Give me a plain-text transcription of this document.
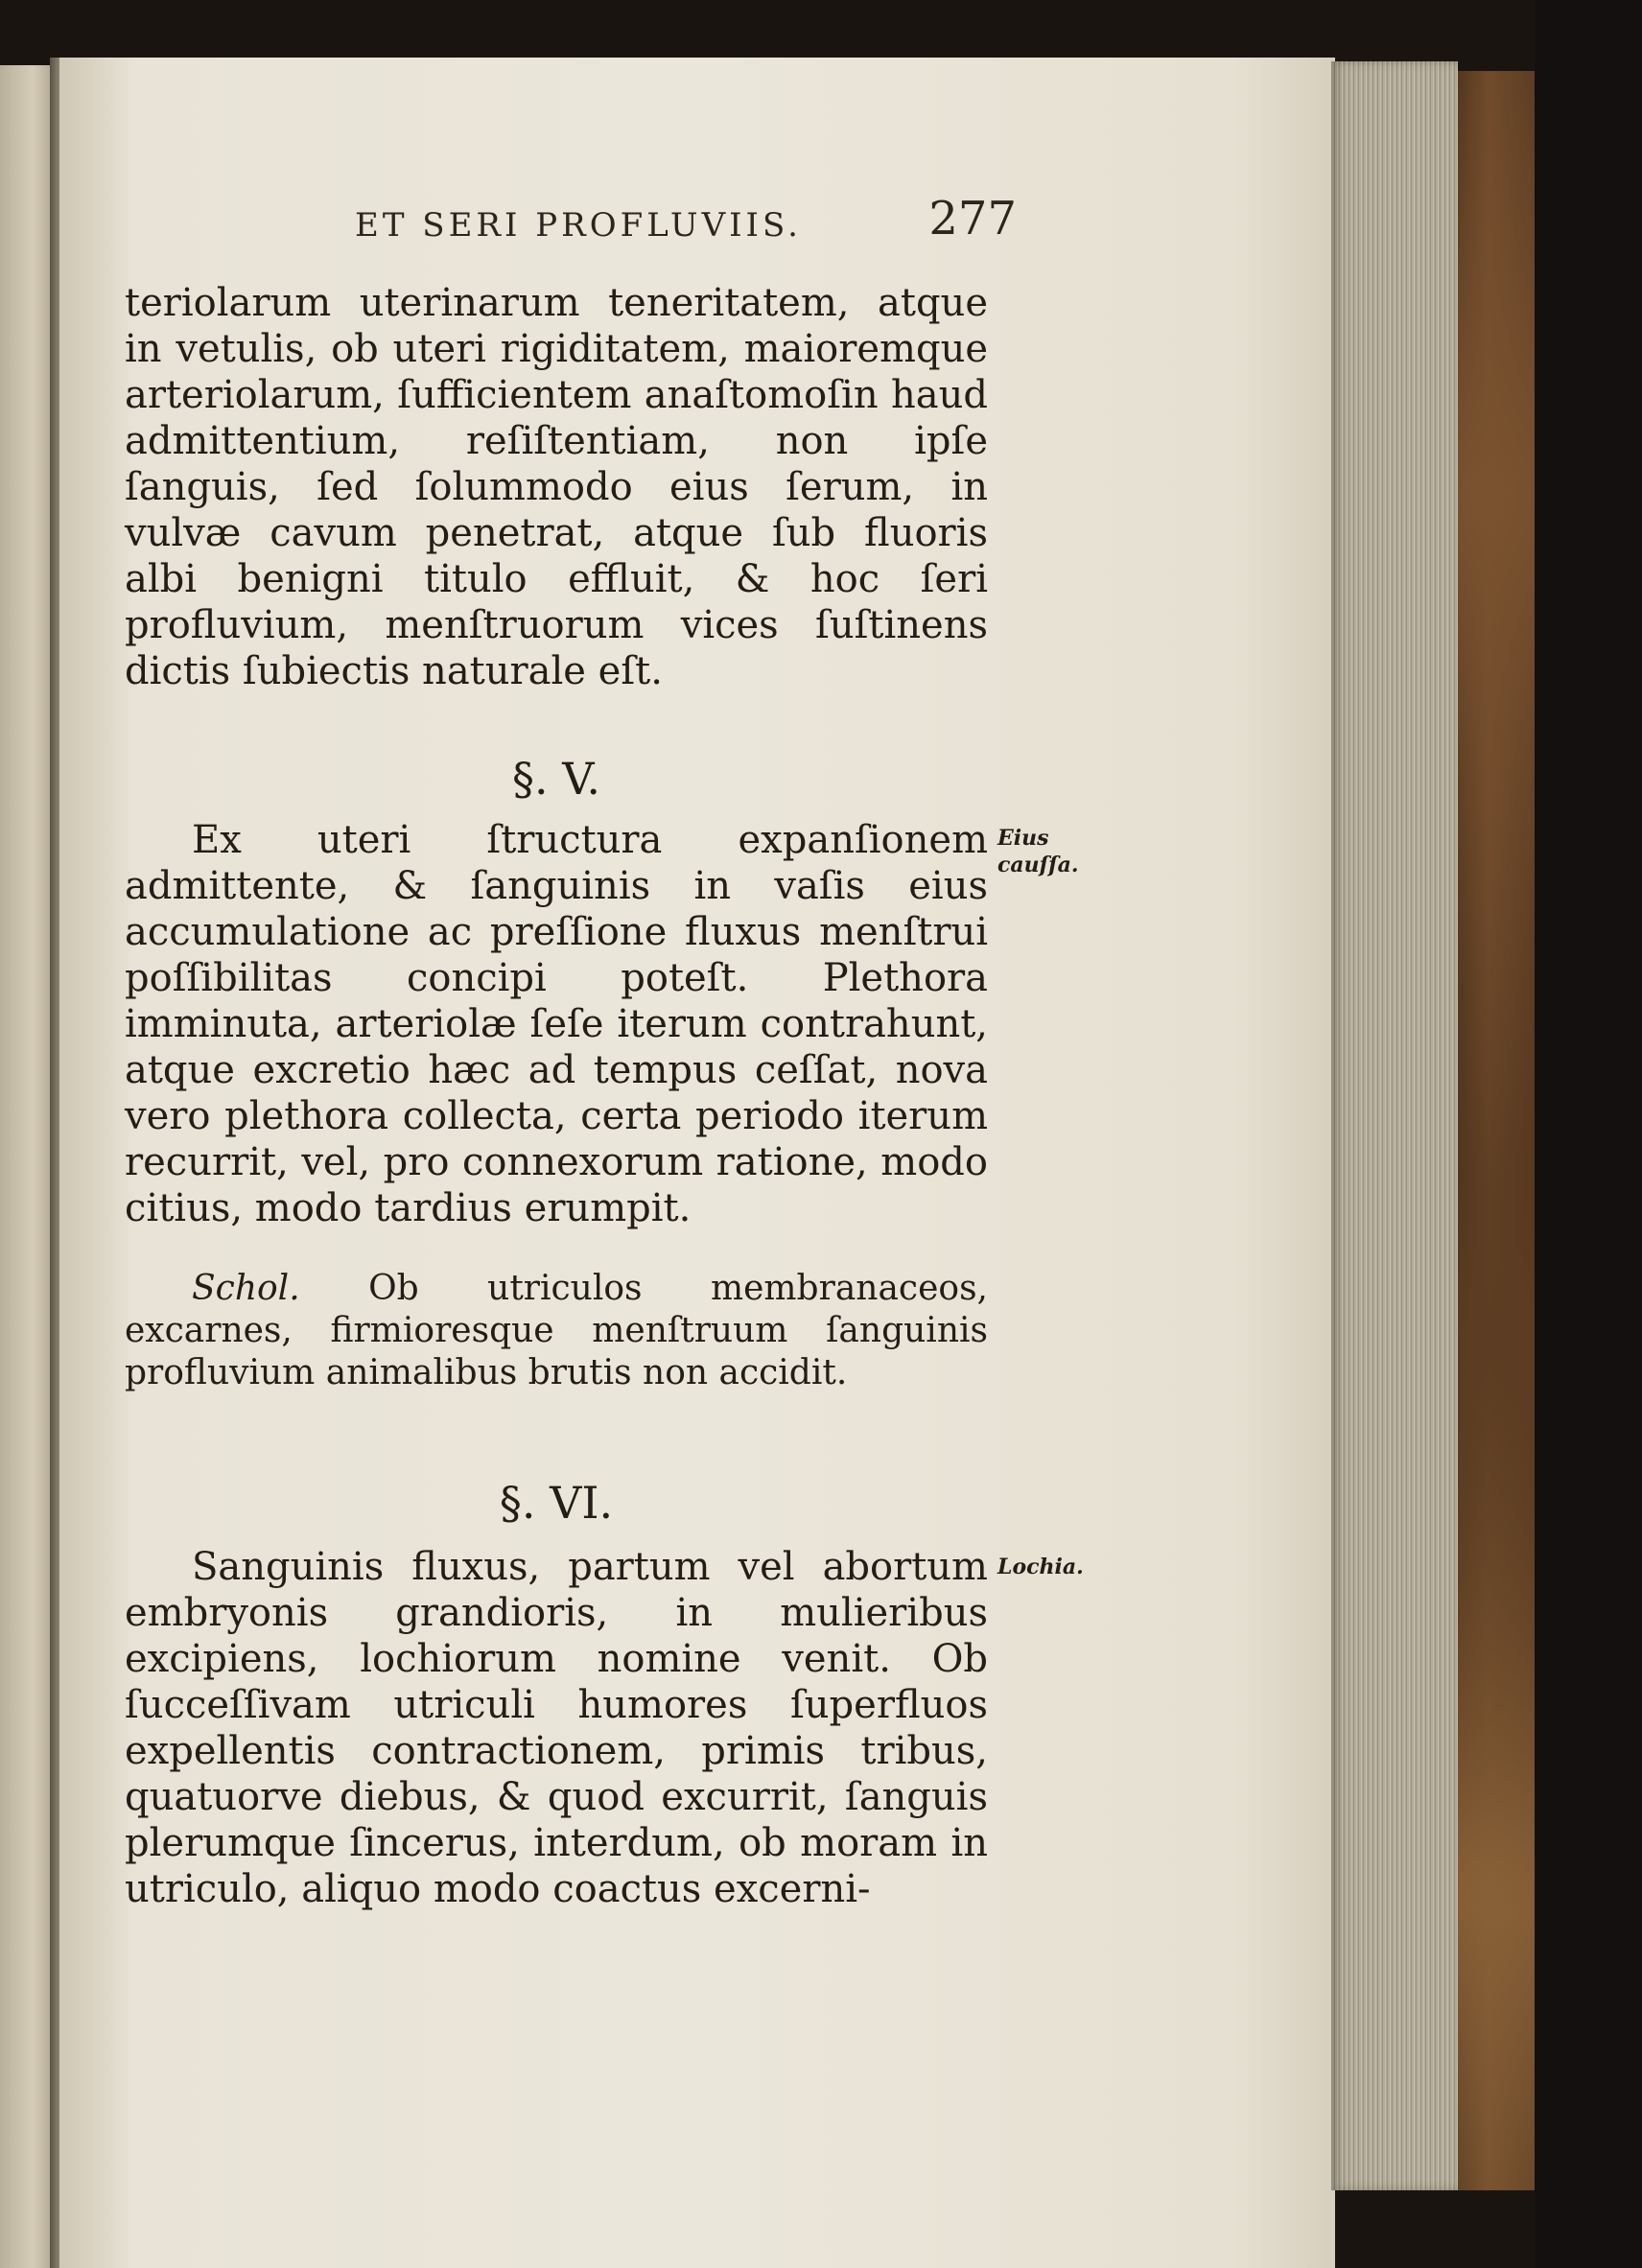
ET SERI PROFLUVIIS.	277

teriolarum uterinarum teneritatem, atque in vetulis, ob uteri rigiditatem, maioremque arteriolarum, ſufficientem anaſtomoſin haud admittentium, reſiſtentiam, non ipſe ſanguis, ſed ſolummodo eius ſerum, in vulvæ cavum penetrat, atque ſub fluoris albi benigni titulo effluit, & hoc ſeri profluvium, menſtruorum vices ſuſtinens dictis ſubiectis naturale eſt.

§. V.

Ex uteri ſtructura expanſionem admittente, & ſanguinis in vaſis eius accumulatione ac preſſione fluxus menſtrui poſſibilitas concipi poteſt. Plethora imminuta, arteriolæ ſeſe iterum contrahunt, atque excretio hæc ad tempus ceſſat, nova vero plethora collecta, certa periodo iterum recurrit, vel, pro connexorum ratione, modo citius, modo tardius erumpit.

Eius cauſſa.

Schol. Ob utriculos membranaceos, excarnes, firmioresque menſtruum ſanguinis profluvium animalibus brutis non accidit.

§. VI.

Sanguinis fluxus, partum vel abortum embryonis grandioris, in mulieribus excipiens, lochiorum nomine venit. Ob ſucceſſivam utriculi humores ſuperfluos expellentis contractionem, primis tribus, quatuorve diebus, & quod excurrit, ſanguis plerumque ſincerus, interdum, ob moram in utriculo, aliquo modo coactus excerni-

Lochia.
